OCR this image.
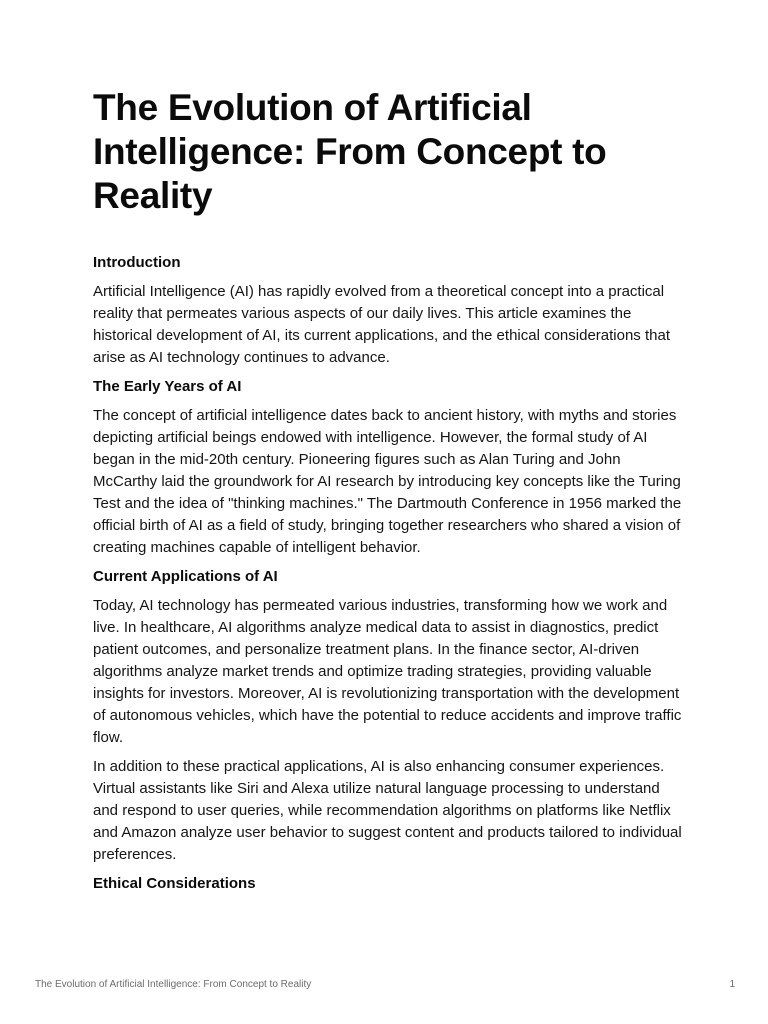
The Evolution of Artificial Intelligence: From Concept to Reality
Introduction

Artificial Intelligence (AI) has rapidly evolved from a theoretical concept into a practical reality that permeates various aspects of our daily lives. This article examines the historical development of AI, its current applications, and the ethical considerations that arise as AI technology continues to advance.

The Early Years of AI

The concept of artificial intelligence dates back to ancient history, with myths and stories depicting artificial beings endowed with intelligence. However, the formal study of AI began in the mid-20th century. Pioneering figures such as Alan Turing and John McCarthy laid the groundwork for AI research by introducing key concepts like the Turing Test and the idea of "thinking machines." The Dartmouth Conference in 1956 marked the official birth of AI as a field of study, bringing together researchers who shared a vision of creating machines capable of intelligent behavior.

Current Applications of AI

Today, AI technology has permeated various industries, transforming how we work and live. In healthcare, AI algorithms analyze medical data to assist in diagnostics, predict patient outcomes, and personalize treatment plans. In the finance sector, AI-driven algorithms analyze market trends and optimize trading strategies, providing valuable insights for investors. Moreover, AI is revolutionizing transportation with the development of autonomous vehicles, which have the potential to reduce accidents and improve traffic flow.

In addition to these practical applications, AI is also enhancing consumer experiences. Virtual assistants like Siri and Alexa utilize natural language processing to understand and respond to user queries, while recommendation algorithms on platforms like Netflix and Amazon analyze user behavior to suggest content and products tailored to individual preferences.

Ethical Considerations
The Evolution of Artificial Intelligence: From Concept to Reality	1
